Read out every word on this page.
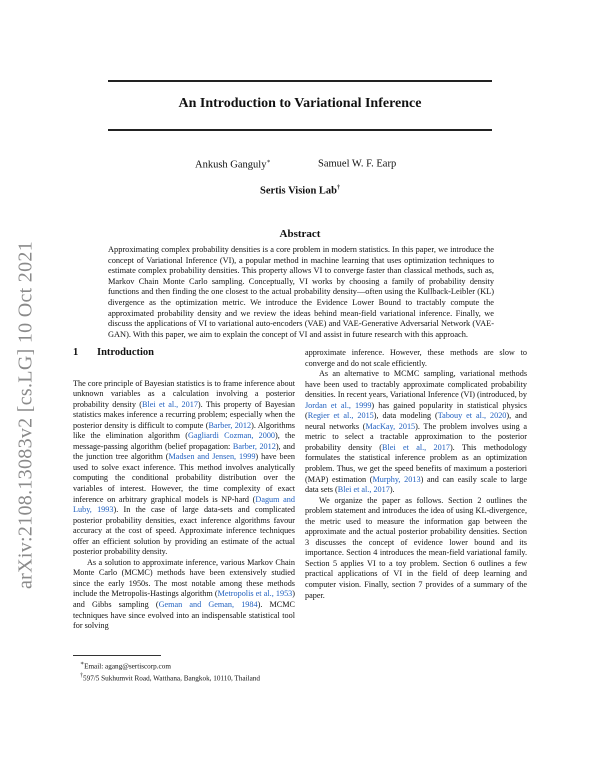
arXiv:2108.13083v2 [cs.LG] 10 Oct 2021
An Introduction to Variational Inference
Ankush Ganguly∗	Samuel W. F. Earp
Sertis Vision Lab†
Abstract
Approximating complex probability densities is a core problem in modern statistics. In this paper, we introduce the concept of Variational Inference (VI), a popular method in machine learning that uses optimization techniques to estimate complex probability densities. This property allows VI to converge faster than classical methods, such as, Markov Chain Monte Carlo sampling. Conceptually, VI works by choosing a family of probability density functions and then finding the one closest to the actual probability density—often using the Kullback-Leibler (KL) divergence as the optimization metric. We introduce the Evidence Lower Bound to tractably compute the approximated probability density and we review the ideas behind mean-field variational inference. Finally, we discuss the applications of VI to variational auto-encoders (VAE) and VAE-Generative Adversarial Network (VAE-GAN). With this paper, we aim to explain the concept of VI and assist in future research with this approach.
1 Introduction

The core principle of Bayesian statistics is to frame inference about unknown variables as a calculation involving a posterior probability density (Blei et al., 2017). This property of Bayesian statistics makes inference a recurring problem; especially when the posterior density is difficult to compute (Barber, 2012). Algorithms like the elimination algorithm (Gagliardi Cozman, 2000), the message-passing algorithm (belief propagation: Barber, 2012), and the junction tree algorithm (Madsen and Jensen, 1999) have been used to solve exact inference. This method involves analytically computing the conditional probability distribution over the variables of interest. However, the time complexity of exact inference on arbitrary graphical models is NP-hard (Dagum and Luby, 1993). In the case of large data-sets and complicated posterior probability densities, exact inference algorithms favour accuracy at the cost of speed. Approximate inference techniques offer an efficient solution by providing an estimate of the actual posterior probability density.

As a solution to approximate inference, various Markov Chain Monte Carlo (MCMC) methods have been extensively studied since the early 1950s. The most notable among these methods include the Metropolis-Hastings algorithm (Metropolis et al., 1953) and Gibbs sampling (Geman and Geman, 1984). MCMC techniques have since evolved into an indispensable statistical tool for solving

approximate inference. However, these methods are slow to converge and do not scale efficiently.

As an alternative to MCMC sampling, variational methods have been used to tractably approximate complicated probability densities. In recent years, Variational Inference (VI) (introduced, by Jordan et al., 1999) has gained popularity in statistical physics (Regier et al., 2015), data modeling (Tabouy et al., 2020), and neural networks (MacKay, 2015). The problem involves using a metric to select a tractable approximation to the posterior probability density (Blei et al., 2017). This methodology formulates the statistical inference problem as an optimization problem. Thus, we get the speed benefits of maximum a posteriori (MAP) estimation (Murphy, 2013) and can easily scale to large data sets (Blei et al., 2017).

We organize the paper as follows. Section 2 outlines the problem statement and introduces the idea of using KL-divergence, the metric used to measure the information gap between the approximate and the actual posterior probability densities. Section 3 discusses the concept of evidence lower bound and its importance. Section 4 introduces the mean-field variational family. Section 5 applies VI to a toy problem. Section 6 outlines a few practical applications of VI in the field of deep learning and computer vision. Finally, section 7 provides of a summary of the paper.

∗Email: agang@sertiscorp.com
†597/5 Sukhumvit Road, Watthana, Bangkok, 10110, Thailand
